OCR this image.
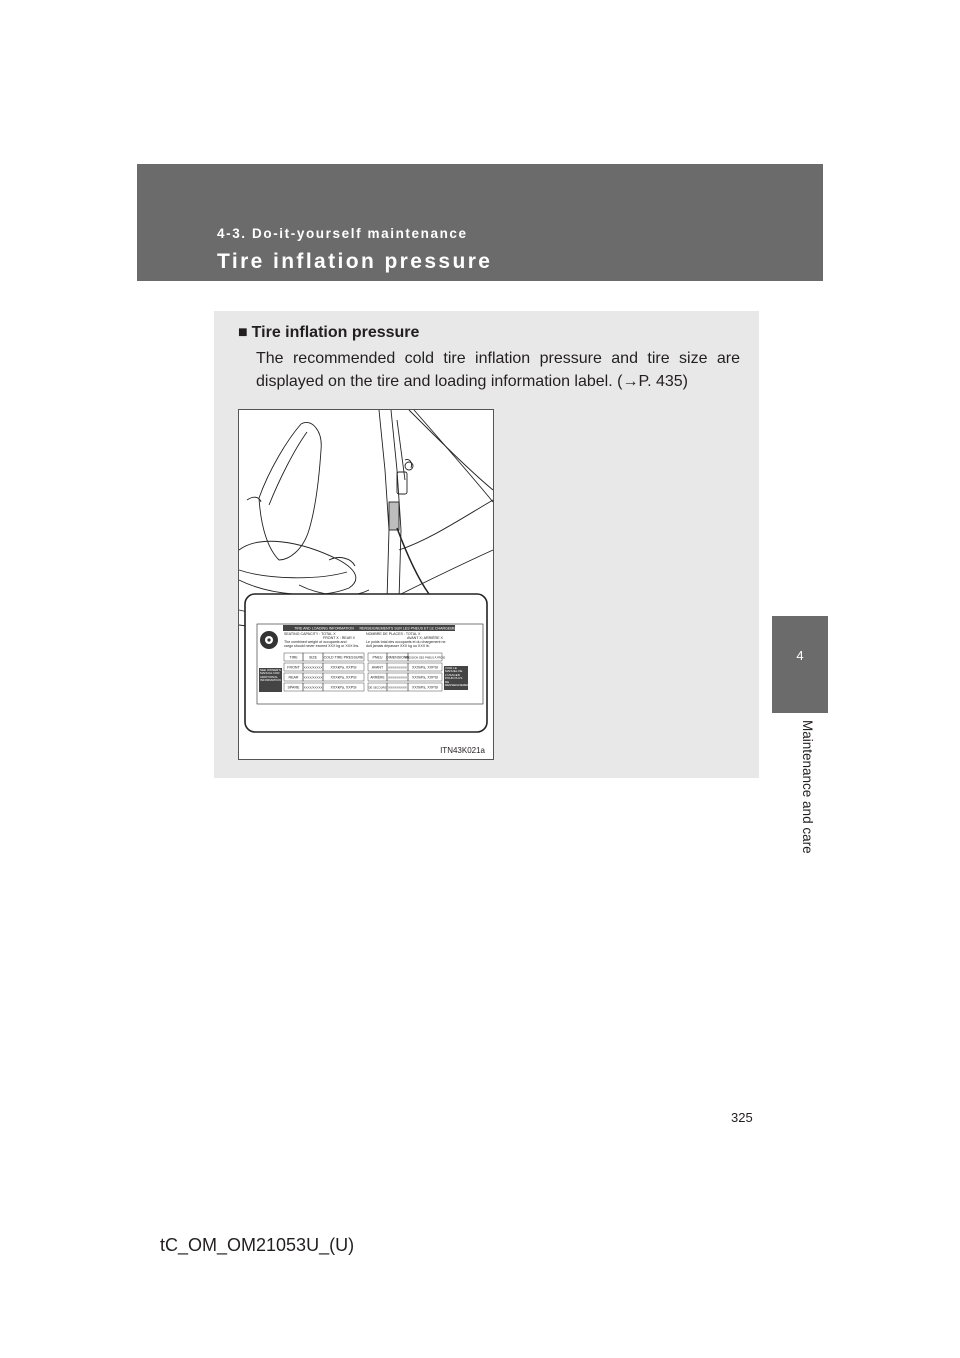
4-3. Do-it-yourself maintenance
Tire inflation pressure
4
Maintenance and care
■ Tire inflation pressure
The recommended cold tire inflation pressure and tire size are displayed on the tire and loading information label. (→P. 435)
TIRE AND LOADING INFORMATION RENSEIGNEMENTS SUR LES PNEUS ET LE CHARGEMENT
SEATING CAPACITY : TOTAL X
FRONT X : REAR X
The combined weight of occupants and
cargo should never exceed XXX kg or XXX lbs.
NOMBRE DE PLACES : TOTAL X
AVANT X; ARRIÈRE X
Le poids total des occupants et du chargement ne
doit jamais dépasser XXX kg ou XXX lb.
TIRE	SIZE COLD TIRE PRESSURE	PNEU DIMENSIONS
PRESSION DES PNEUS À FROID
FRONT XXXX/XXXXX XXXkPa, XXPSI
REAR XXXX/XXXXX XXXkPa, XXPSI
SPARE XXXX/XXXXX XXXkPa, XXPSI
AVANT XXXX/XXXXX XXXkPa, XXPSI
ARRIÈRE XXXX/XXXXX XXXkPa, XXPSI
DE SECOURS XXXX/XXXXX XXXkPa, XXPSI
SEE OWNER'S MANUAL FOR ADDITIONAL INFORMATION
VOIR LE MANUEL DE L'USAGER POUR PLUS DE RENSEIGNEMENTS
ITN43K021a
325
tC_OM_OM21053U_(U)
